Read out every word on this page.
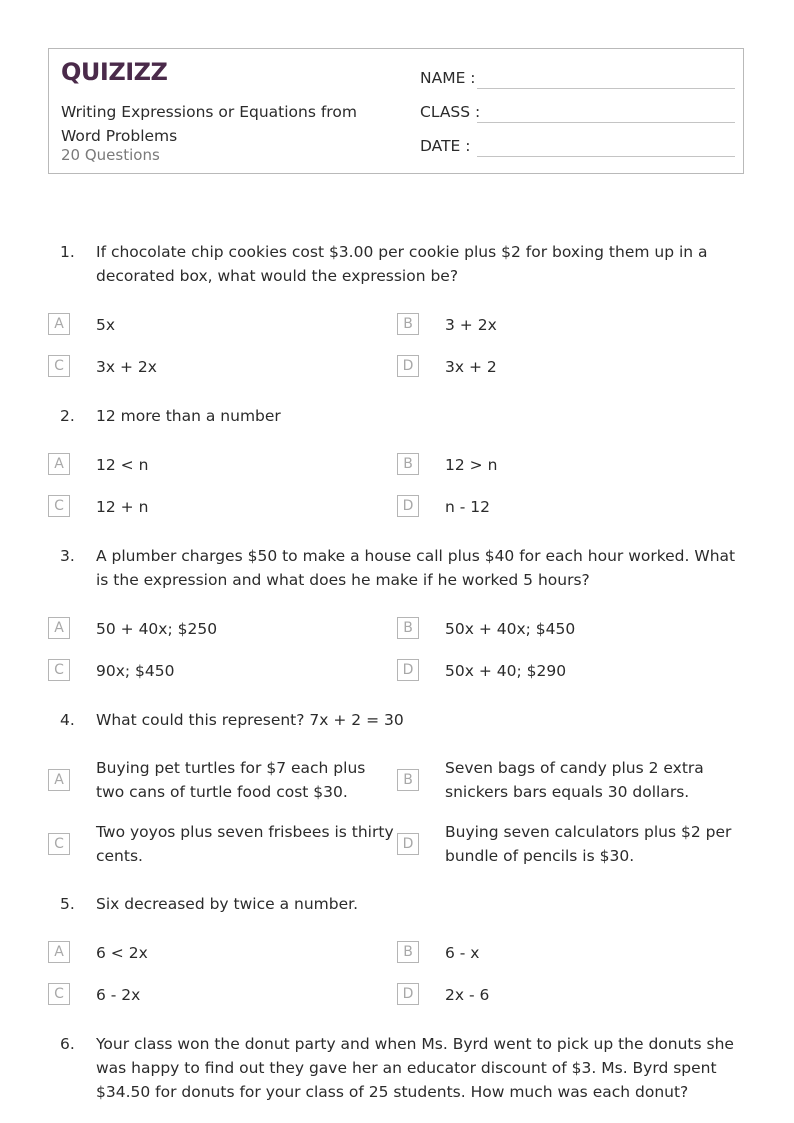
QUIZIZZ
Writing Expressions or Equations from Word Problems
20 Questions
NAME :
CLASS :
DATE :
1. If chocolate chip cookies cost $3.00 per cookie plus $2 for boxing them up in a decorated box, what would the expression be?
A	5x	B	3 + 2x
C	3x + 2x	D	3x + 2
2. 12 more than a number
A	12 < n	B	12 > n
C	12 + n	D	n - 12
3. A plumber charges $50 to make a house call plus $40 for each hour worked. What is the expression and what does he make if he worked 5 hours?
A	50 + 40x; $250	B	50x + 40x; $450
C	90x; $450	D	50x + 40; $290
4. What could this represent? 7x + 2 = 30
A
Buying pet turtles for $7 each plus two cans of turtle food cost $30.
B
Seven bags of candy plus 2 extra snickers bars equals 30 dollars.
C
Two yoyos plus seven frisbees is thirty cents.
D
Buying seven calculators plus $2 per bundle of pencils is $30.
5. Six decreased by twice a number.
A	6 < 2x	B	6 - x
C	6 - 2x	D	2x - 6
6. Your class won the donut party and when Ms. Byrd went to pick up the donuts she was happy to find out they gave her an educator discount of $3. Ms. Byrd spent $34.50 for donuts for your class of 25 students. How much was each donut?
